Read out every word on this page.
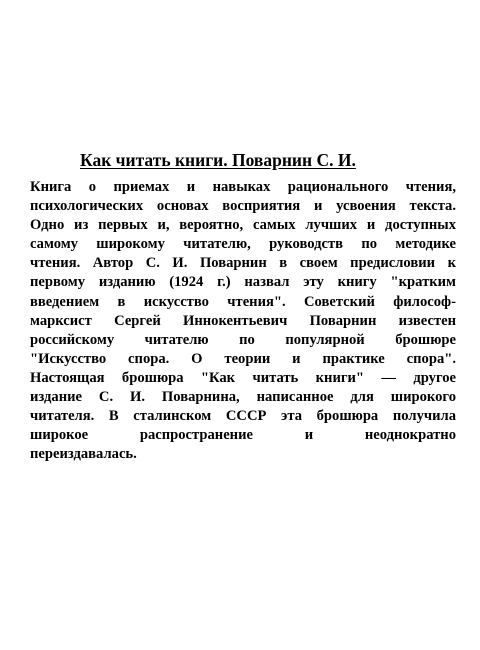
Как читать книги. Поварнин С. И.
Книга о приемах и навыках рационального чтения,
психологических основах восприятия и усвоения текста.
Одно из первых и, вероятно, самых лучших и доступных
самому широкому читателю, руководств по методике
чтения. Автор С. И. Поварнин в своем предисловии к
первому изданию (1924 г.) назвал эту книгу "кратким
введением в искусство чтения". Советский философ-
марксист Сергей Иннокентьевич Поварнин известен
российскому читателю по популярной брошюре
"Искусство спора. О теории и практике спора".
Настоящая брошюра "Как читать книги" — другое
издание С. И. Поварнина, написанное для широкого
читателя. В сталинском СССР эта брошюра получила
широкое распространение и неоднократно
переиздавалась.
